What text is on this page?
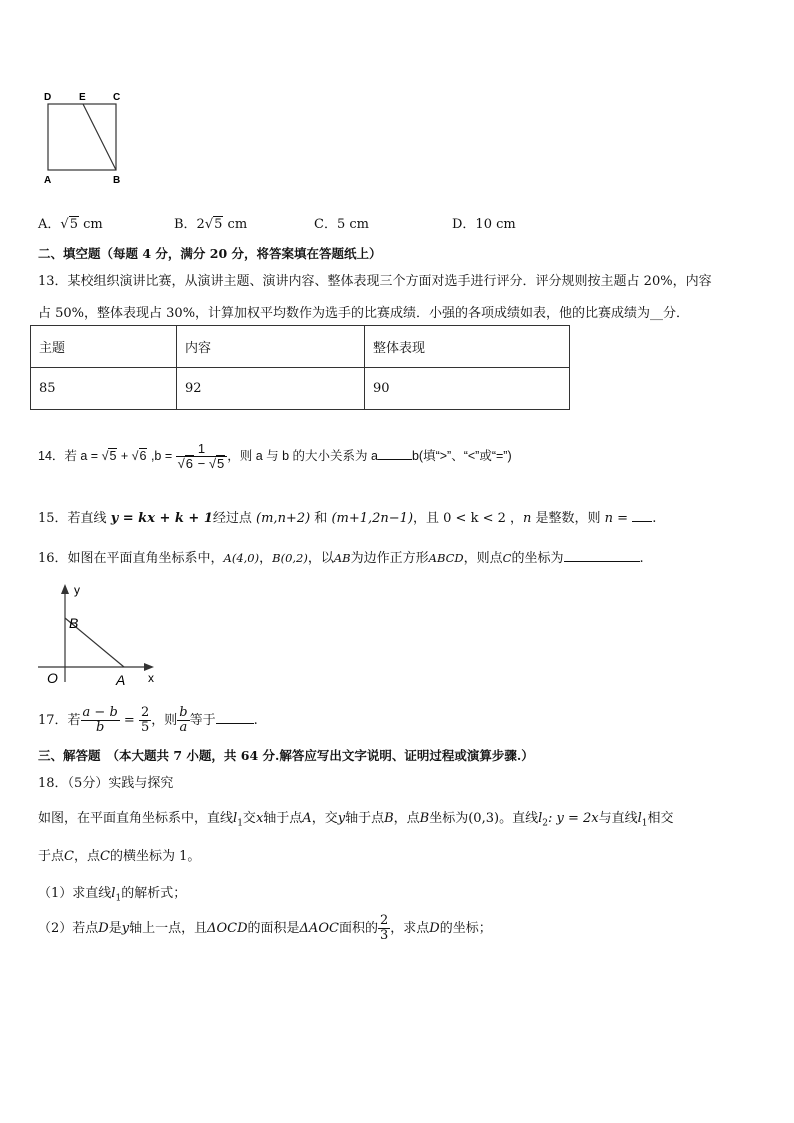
D	E	C
A	B
A．√5 cm	B．2√5 cm	C．5 cm	D．10 cm
二、填空题（每题 4 分，满分 20 分，将答案填在答题纸上）
13．某校组织演讲比赛，从演讲主题、演讲内容、整体表现三个方面对选手进行评分．评分规则按主题占 20%，内容
占 50%，整体表现占 30%，计算加权平均数作为选手的比赛成绩．小强的各项成绩如表，他的比赛成绩为__分．
主题	内容	整体表现
85	92	90
14．若 a = √5 + √6 $,b = \frac{1}{√6 - √5}$ ，则 a 与 b 的大小关系为 a	b(填“>”、“<”或“=”)
15．若直线 y = kx + k + 1经过点 (m,n+2) 和 (m+1,2n−1)，且 0 < k < 2 ，n 是整数，则 n = .
16．如图在平面直角坐标系中，A(4,0)，B(0,2)，以AB为边作正方形ABCD，则点C的坐标为	.
y
x
B
O	A
17．若 $\frac{a - b}{b} = \frac{2}{5}$ ，则 $\frac{b}{a}$ 等于	.
三、解答题 （本大题共 7 小题，共 64 分.解答应写出文字说明、证明过程或演算步骤.）
18．（5分）实践与探究
如图，在平面直角坐标系中，直线$l_1$交x轴于点A，交y轴于点B，点B坐标为(0,3)。直线$l_2$: y = 2x与直线$l_1$相交
于点C，点C的横坐标为 1。
（1）求直线$l_1$的解析式；
（2）若点D是y轴上一点，且ΔOCD的面积是ΔAOC面积的 $\frac{2}{3}$ ，求点D的坐标；
